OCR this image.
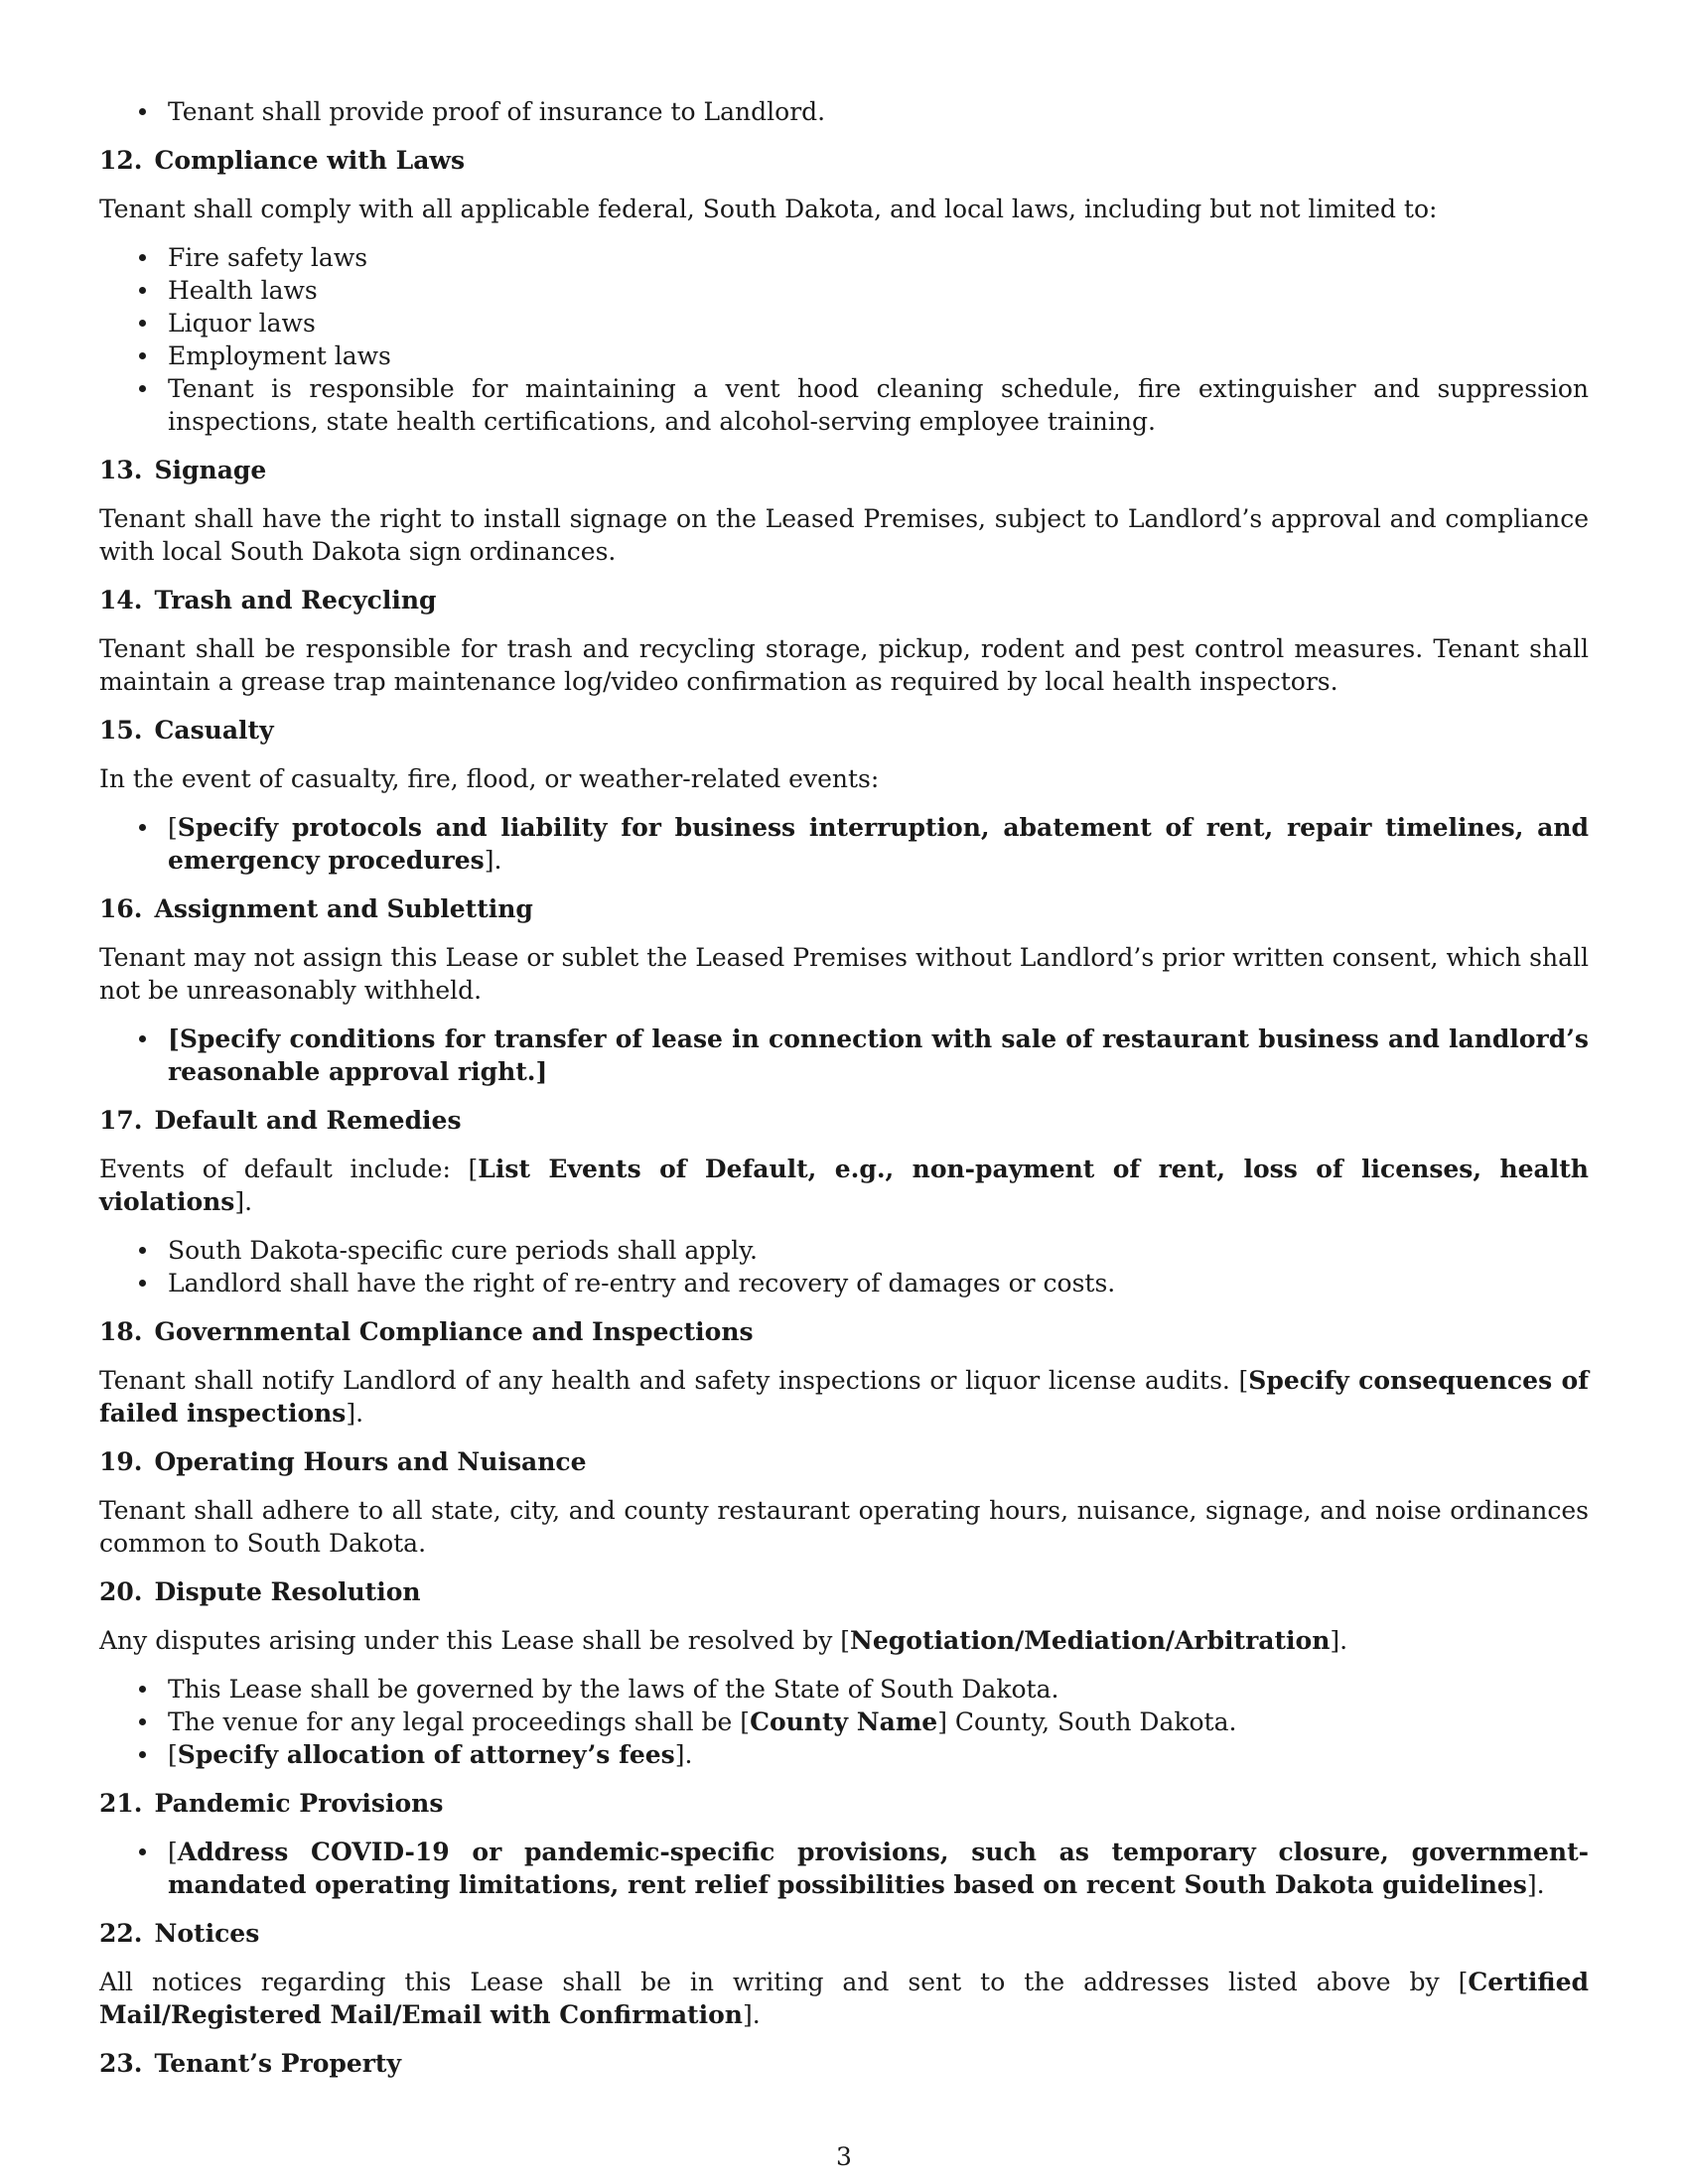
Tenant shall provide proof of insurance to Landlord.
12. Compliance with Laws

Tenant shall comply with all applicable federal, South Dakota, and local laws, including but not limited to:

Fire safety laws
Health laws
Liquor laws
Employment laws
Tenant is responsible for maintaining a vent hood cleaning schedule, fire extinguisher and suppression inspections, state health certifications, and alcohol-serving employee training.
13. Signage

Tenant shall have the right to install signage on the Leased Premises, subject to Landlord’s approval and compliance with local South Dakota sign ordinances.

14. Trash and Recycling

Tenant shall be responsible for trash and recycling storage, pickup, rodent and pest control measures. Tenant shall maintain a grease trap maintenance log/video confirmation as required by local health inspectors.

15. Casualty

In the event of casualty, fire, flood, or weather-related events:

[Specify protocols and liability for business interruption, abatement of rent, repair timelines, and emergency procedures].
16. Assignment and Subletting

Tenant may not assign this Lease or sublet the Leased Premises without Landlord’s prior written consent, which shall not be unreasonably withheld.

[Specify conditions for transfer of lease in connection with sale of restaurant business and landlord’s reasonable approval right.]
17. Default and Remedies

Events of default include: [List Events of Default, e.g., non-payment of rent, loss of licenses, health violations].

South Dakota-specific cure periods shall apply.
Landlord shall have the right of re-entry and recovery of damages or costs.
18. Governmental Compliance and Inspections

Tenant shall notify Landlord of any health and safety inspections or liquor license audits. [Specify consequences of failed inspections].

19. Operating Hours and Nuisance

Tenant shall adhere to all state, city, and county restaurant operating hours, nuisance, signage, and noise ordinances common to South Dakota.

20. Dispute Resolution

Any disputes arising under this Lease shall be resolved by [Negotiation/Mediation/Arbitration].

This Lease shall be governed by the laws of the State of South Dakota.
The venue for any legal proceedings shall be [County Name] County, South Dakota.
[Specify allocation of attorney’s fees].
21. Pandemic Provisions
[Address COVID-19 or pandemic-specific provisions, such as temporary closure, government-mandated operating limitations, rent relief possibilities based on recent South Dakota guidelines].
22. Notices

All notices regarding this Lease shall be in writing and sent to the addresses listed above by [Certified Mail/Registered Mail/Email with Confirmation].

23. Tenant’s Property
3
